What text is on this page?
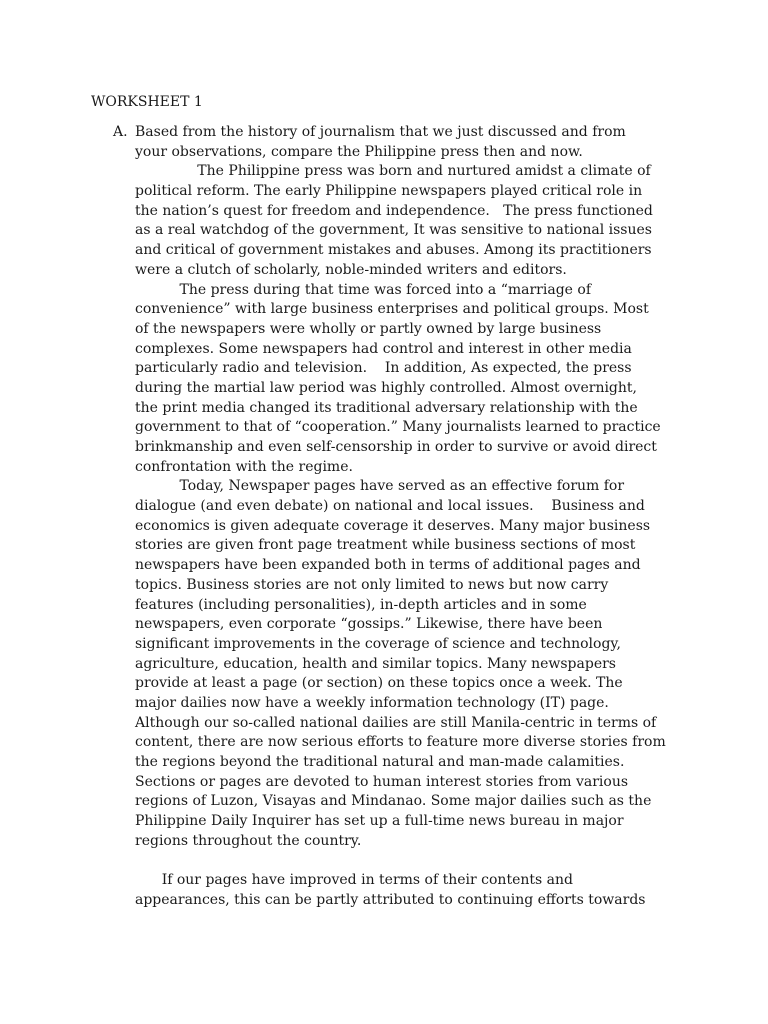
WORKSHEET 1
A. Based from the history of journalism that we just discussed and from
your observations, compare the Philippine press then and now.
The Philippine press was born and nurtured amidst a climate of
political reform. The early Philippine newspapers played critical role in
the nation’s quest for freedom and independence.   The press functioned
as a real watchdog of the government, It was sensitive to national issues
and critical of government mistakes and abuses. Among its practitioners
were a clutch of scholarly, noble-minded writers and editors.
The press during that time was forced into a “marriage of
convenience” with large business enterprises and political groups. Most
of the newspapers were wholly or partly owned by large business
complexes. Some newspapers had control and interest in other media
particularly radio and television.    In addition, As expected, the press
during the martial law period was highly controlled. Almost overnight,
the print media changed its traditional adversary relationship with the
government to that of “cooperation.” Many journalists learned to practice
brinkmanship and even self-censorship in order to survive or avoid direct
confrontation with the regime.
Today, Newspaper pages have served as an effective forum for
dialogue (and even debate) on national and local issues.    Business and
economics is given adequate coverage it deserves. Many major business
stories are given front page treatment while business sections of most
newspapers have been expanded both in terms of additional pages and
topics. Business stories are not only limited to news but now carry
features (including personalities), in-depth articles and in some
newspapers, even corporate “gossips.” Likewise, there have been
significant improvements in the coverage of science and technology,
agriculture, education, health and similar topics. Many newspapers
provide at least a page (or section) on these topics once a week. The
major dailies now have a weekly information technology (IT) page.
Although our so-called national dailies are still Manila-centric in terms of
content, there are now serious efforts to feature more diverse stories from
the regions beyond the traditional natural and man-made calamities.
Sections or pages are devoted to human interest stories from various
regions of Luzon, Visayas and Mindanao. Some major dailies such as the
Philippine Daily Inquirer has set up a full-time news bureau in major
regions throughout the country.
If our pages have improved in terms of their contents and
appearances, this can be partly attributed to continuing efforts towards
